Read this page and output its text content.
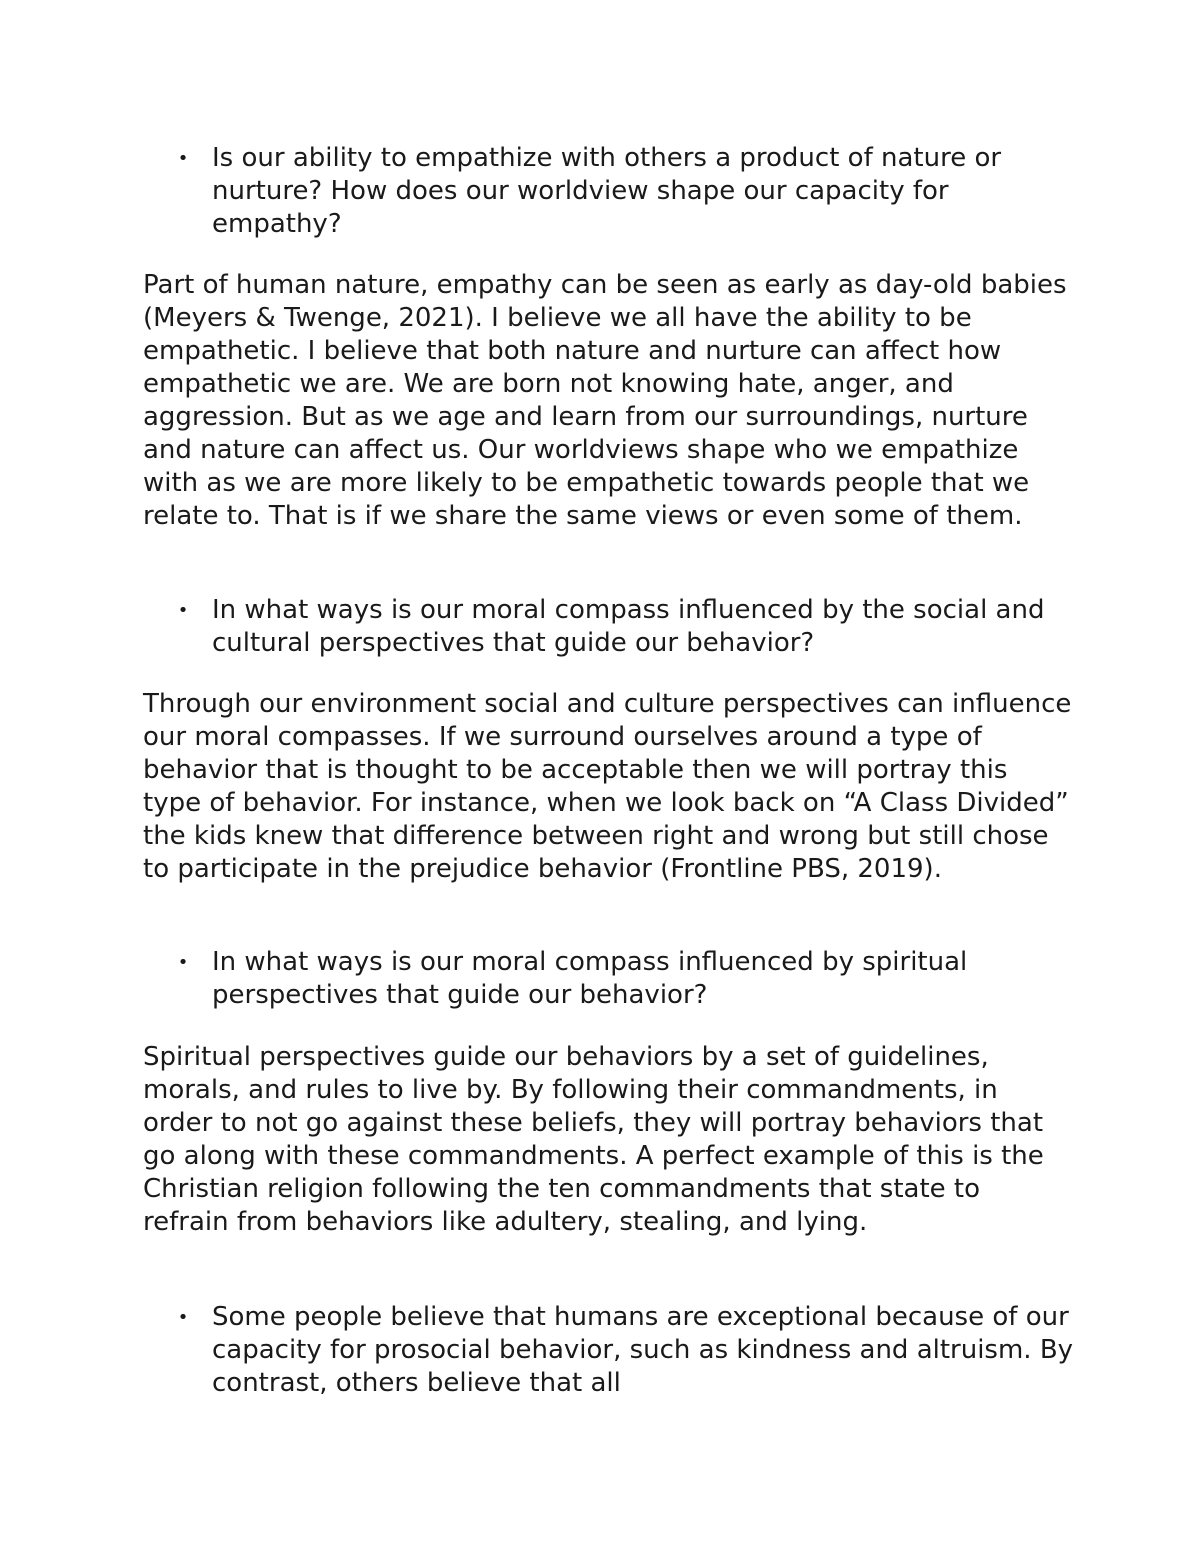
• Is our ability to empathize with others a product of nature or nurture? How does our worldview shape our capacity for empathy?

Part of human nature, empathy can be seen as early as day-old babies (Meyers & Twenge, 2021). I believe we all have the ability to be empathetic. I believe that both nature and nurture can affect how empathetic we are. We are born not knowing hate, anger, and aggression. But as we age and learn from our surroundings, nurture and nature can affect us. Our worldviews shape who we empathize with as we are more likely to be empathetic towards people that we relate to. That is if we share the same views or even some of them.

• In what ways is our moral compass influenced by the social and cultural perspectives that guide our behavior?

Through our environment social and culture perspectives can influence our moral compasses. If we surround ourselves around a type of behavior that is thought to be acceptable then we will portray this type of behavior. For instance, when we look back on “A Class Divided” the kids knew that difference between right and wrong but still chose to participate in the prejudice behavior (Frontline PBS, 2019).

• In what ways is our moral compass influenced by spiritual perspectives that guide our behavior?

Spiritual perspectives guide our behaviors by a set of guidelines, morals, and rules to live by. By following their commandments, in order to not go against these beliefs, they will portray behaviors that go along with these commandments. A perfect example of this is the Christian religion following the ten commandments that state to refrain from behaviors like adultery, stealing, and lying.

• Some people believe that humans are exceptional because of our capacity for prosocial behavior, such as kindness and altruism. By contrast, others believe that all
